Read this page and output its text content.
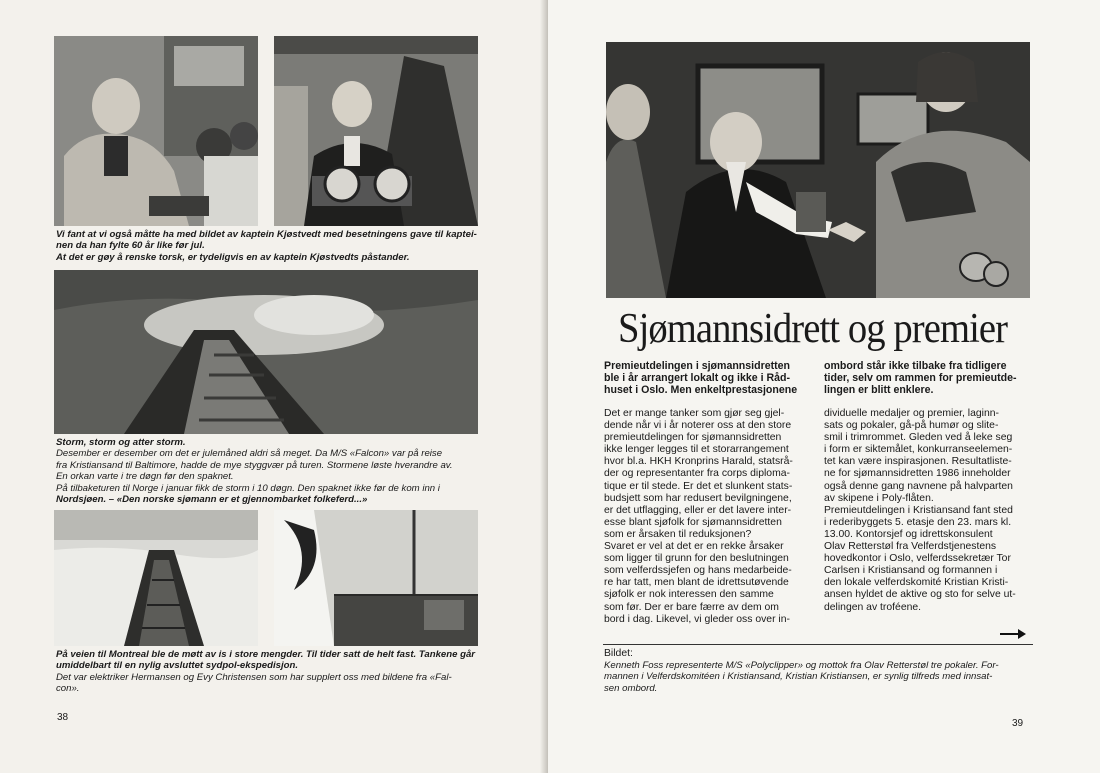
Vi fant at vi også måtte ha med bildet av kaptein Kjøstvedt med besetningens gave til kaptei-

nen da han fylte 60 år like før jul.

At det er gøy å renske torsk, er tydeligvis en av kaptein Kjøstvedts påstander.

Storm, storm og atter storm.

Desember er desember om det er julemåned aldri så meget. Da M/S «Falcon» var på reise

fra Kristiansand til Baltimore, hadde de mye styggvær på turen. Stormene løste hverandre av.

En orkan varte i tre døgn før den spaknet.

På tilbaketuren til Norge i januar fikk de storm i 10 døgn. Den spaknet ikke før de kom inn i

Nordsjøen. – «Den norske sjømann er et gjennombarket folkeferd...»

På veien til Montreal ble de møtt av is i store mengder. Til tider satt de helt fast. Tankene går

umiddelbart til en nylig avsluttet sydpol-ekspedisjon.

Det var elektriker Hermansen og Evy Christensen som har supplert oss med bildene fra «Fal-

con».

38
Sjømannsidrett og premier
Premieutdelingen i sjømannsidretten
ble i år arrangert lokalt og ikke i Råd-
huset i Oslo. Men enkeltprestasjonene
ombord står ikke tilbake fra tidligere
tider, selv om rammen for premieutde-
lingen er blitt enklere.
Det er mange tanker som gjør seg gjel-
dende når vi i år noterer oss at den store
premieutdelingen for sjømannsidretten
ikke lenger legges til et storarrangement
hvor bl.a. HKH Kronprins Harald, statsrå-
der og representanter fra corps diploma-
tique er til stede. Er det et slunkent stats-
budsjett som har redusert bevilgningene,
er det utflagging, eller er det lavere inter-
esse blant sjøfolk for sjømannsidretten
som er årsaken til reduksjonen?
Svaret er vel at det er en rekke årsaker
som ligger til grunn for den beslutningen
som velferdssjefen og hans medarbeide-
re har tatt, men blant de idrettsutøvende
sjøfolk er nok interessen den samme
som før. Der er bare færre av dem om
bord i dag. Likevel, vi gleder oss over in-
dividuelle medaljer og premier, laginn-
sats og pokaler, gå-på humør og slite-
smil i trimrommet. Gleden ved å leke seg
i form er siktemålet, konkurranseelemen-
tet kan være inspirasjonen. Resultatliste-
ne for sjømannsidretten 1986 inneholder
også denne gang navnene på halvparten
av skipene i Poly-flåten.
Premieutdelingen i Kristiansand fant sted
i rederibyggets 5. etasje den 23. mars kl.
13.00. Kontorsjef og idrettskonsulent
Olav Retterstøl fra Velferdstjenestens
hovedkontor i Oslo, velferdssekretær Tor
Carlsen i Kristiansand og formannen i
den lokale velferdskomité Kristian Kristi-
ansen hyldet de aktive og sto for selve ut-
delingen av troféene.
Bildet:
Kenneth Foss representerte M/S «Polyclipper» og mottok fra Olav Retterstøl tre pokaler. For-
mannen i Velferdskomitéen i Kristiansand, Kristian Kristiansen, er synlig tilfreds med innsat-
sen ombord.
39
